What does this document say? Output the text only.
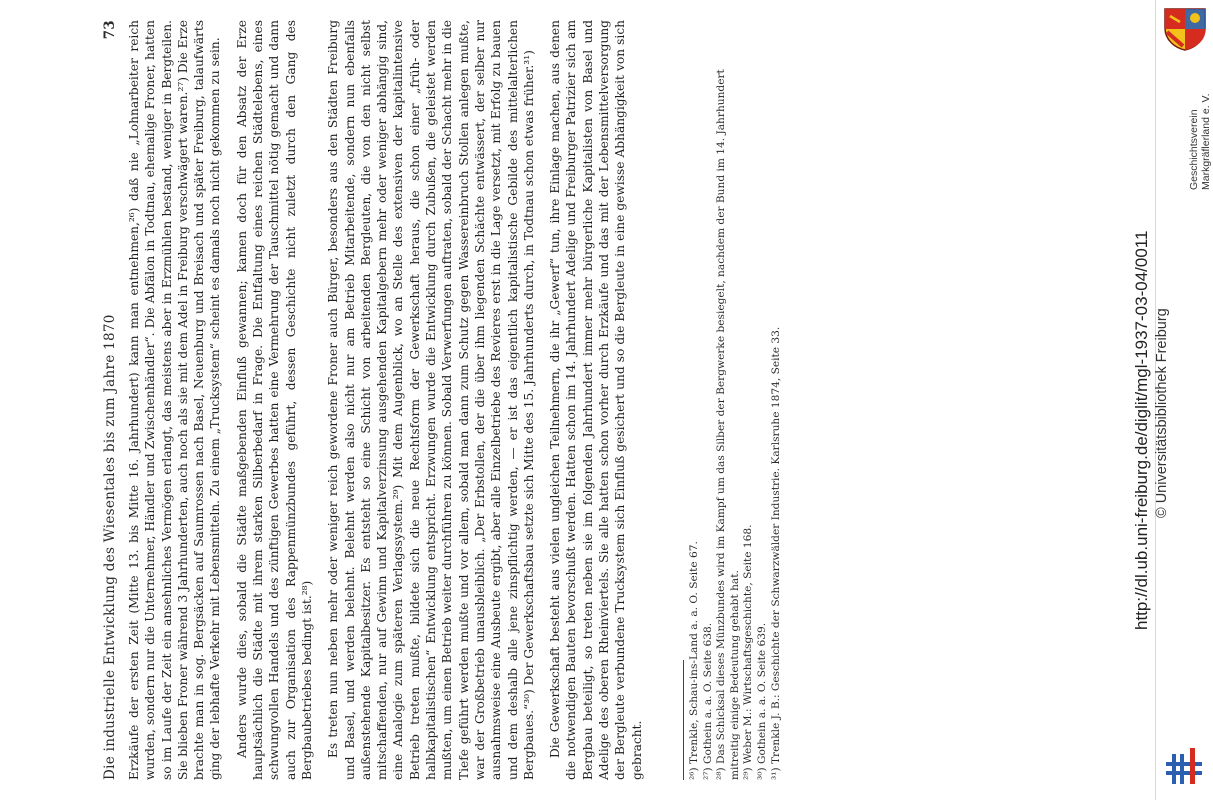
Die industrielle Entwicklung des Wiesentales bis zum Jahre 1870
73 Erzkäufe der ersten Zeit (Mitte 13. bis Mitte 16. Jahrhundert) kann man entnehmen,²⁶) daß nie „Lohnarbeiter reich wurden, sondern nur die Unternehmer, Händler und Zwischenhändler“. Die Abfälon in Todtnau, ehemalige Froner, hatten so im Laufe der Zeit ein ansehnliches Vermögen erlangt, das meistens aber in Erzmühlen bestand, weniger in Bergteilen. Sie blieben Froner während 3 Jahrhunderten, auch noch als sie mit dem Adel in Freiburg verschwägert waren.²⁷) Die Erze brachte man in sog. Bergsäcken auf Saumrossen nach Basel, Neuenburg und Breisach und später Freiburg, talaufwärts ging der lebhafte Verkehr mit Lebensmitteln. Zu einem „Trucksystem“ scheint es damals noch nicht gekommen zu sein. Anders wurde dies, sobald die Städte maßgebenden Einfluß gewannen; kamen doch für den Absatz der Erze hauptsächlich die Städte mit ihrem starken Silberbedarf in Frage. Die Entfaltung eines reichen Städtelebens, eines schwungvollen Handels und des zünftigen Gewerbes hatten eine Vermehrung der Tauschmittel nötig gemacht und dann auch zur Organisation des Rappenmünzbundes geführt, dessen Geschichte nicht zuletzt durch den Gang des Bergbaubetriebes bedingt ist.²⁸) Es treten nun neben mehr oder weniger reich gewordene Froner auch Bürger, besonders aus den Städten Freiburg und Basel, und werden belehnt. Belehnt werden also nicht nur am Betrieb Mitarbeitende, sondern nun ebenfalls außenstehende Kapitalbesitzer. Es entsteht so eine Schicht von arbeitenden Bergleuten, die von den nicht selbst mitschaffenden, nur auf Gewinn und Kapitalverzinsung ausgehenden Kapitalgebern mehr oder weniger abhängig sind, eine Analogie zum späteren Verlagssystem.²⁹) Mit dem Augenblick, wo an Stelle des extensiven der kapitalintensive Betrieb treten mußte, bildete sich die neue Rechtsform der Gewerkschaft heraus, die schon einer „früh- oder halbkapitalistischen“ Entwicklung entspricht. Erzwungen wurde die Entwicklung durch Zubußen, die geleistet werden mußten, um einen Betrieb weiter durchführen zu können. Sobald Verwerfungen auftraten, sobald der Schacht mehr in die Tiefe geführt werden mußte und vor allem, sobald man dann zum Schutz gegen Wassereinbruch Stollen anlegen mußte, war der Großbetrieb unausbleiblich. „Der Erbstollen, der die über ihm liegenden Schächte entwässert, der selber nur ausnahmsweise eine Ausbeute ergibt, aber alle Einzelbetriebe des Revieres erst in die Lage versetzt, mit Erfolg zu bauen und dem deshalb alle jene zinspflichtig werden, — er ist das eigentlich kapitalistische Gebilde des mittelalterlichen Bergbaues.“³⁰) Der Gewerkschaftsbau setzte sich Mitte des 15. Jahrhunderts durch, in Todtnau schon etwas früher.³¹) Die Gewerkschaft besteht aus vielen ungleichen Teilnehmern, die ihr „Gewerf“ tun, ihre Einlage machen, aus denen die notwendigen Bauten bevorschußt werden. Hatten schon im 14. Jahrhundert Adelige und Freiburger Patrizier sich am Bergbau beteiligt, so treten neben sie im folgenden Jahrhundert immer mehr bürgerliche Kapitalisten von Basel und Adelige des oberen Rheinviertels. Sie alle hatten schon vorher durch Erzkäufe und das mit der Lebensmittelversorgung der Bergleute verbundene Trucksystem sich Einfluß gesichert und so die Bergleute in eine gewisse Abhängigkeit von sich gebracht.	²⁶) Trenkle, Schau-ins-Land a. a. O. Seite 67. ²⁷) Gothein a. a. O. Seite 638. ²⁸) Das Schicksal dieses Münzbundes wird im Kampf um das Silber der Bergwerke besiegelt, nachdem der Bund im 14. Jahrhundert mitreitig einige Bedeutung gehabt hat. ²⁹) Weber M.: Wirtschaftsgeschichte, Seite 168. ³⁰) Gothein a. a. O. Seite 639. ³¹) Trenkle J. B.: Geschichte der Schwarzwälder Industrie. Karlsruhe 1874, Seite 33.	http://dl.ub.uni-freiburg.de/diglit/mgl-1937-03-04/0011 © Universitätsbibliothek Freiburg
Geschichtsverein Markgräflerland e. V.
